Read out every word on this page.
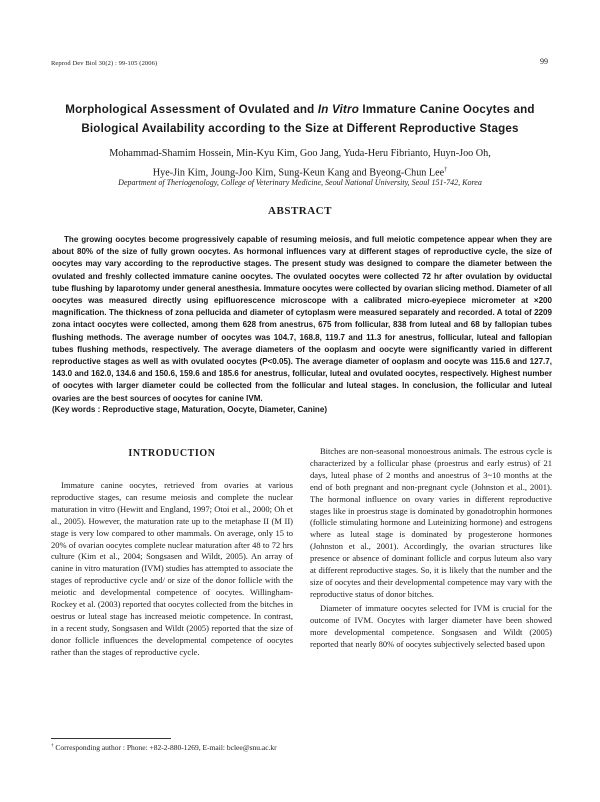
Reprod Dev Biol 30(2) : 99-105 (2006)	99
Morphological Assessment of Ovulated and In Vitro Immature Canine Oocytes and Biological Availability according to the Size at Different Reproductive Stages
Mohammad-Shamim Hossein, Min-Kyu Kim, Goo Jang, Yuda-Heru Fibrianto, Huyn-Joo Oh,
Hye-Jin Kim, Joung-Joo Kim, Sung-Keun Kang and Byeong-Chun Lee†
Department of Theriogenology, College of Veterinary Medicine, Seoul National University, Seoul 151-742, Korea
ABSTRACT
The growing oocytes become progressively capable of resuming meiosis, and full meiotic competence appear when they are about 80% of the size of fully grown oocytes. As hormonal influences vary at different stages of reproductive cycle, the size of oocytes may vary according to the reproductive stages. The present study was designed to compare the diameter between the ovulated and freshly collected immature canine oocytes. The ovulated oocytes were collected 72 hr after ovulation by oviductal tube flushing by laparotomy under general anesthesia. Immature oocytes were collected by ovarian slicing method. Diameter of all oocytes was measured directly using epifluorescence microscope with a calibrated micro-eyepiece micrometer at ×200 magnification. The thickness of zona pellucida and diameter of cytoplasm were measured separately and recorded. A total of 2209 zona intact oocytes were collected, among them 628 from anestrus, 675 from follicular, 838 from luteal and 68 by fallopian tubes flushing methods. The average number of oocytes was 104.7, 168.8, 119.7 and 11.3 for anestrus, follicular, luteal and fallopian tubes flushing methods, respectively. The average diameters of the ooplasm and oocyte were significantly varied in different reproductive stages as well as with ovulated oocytes (P<0.05). The average diameter of ooplasm and oocyte was 115.6 and 127.7, 143.0 and 162.0, 134.6 and 150.6, 159.6 and 185.6 for anestrus, follicular, luteal and ovulated oocytes, respectively. Highest number of oocytes with larger diameter could be collected from the follicular and luteal stages. In conclusion, the follicular and luteal ovaries are the best sources of oocytes for canine IVM.
(Key words : Reproductive stage, Maturation, Oocyte, Diameter, Canine)
INTRODUCTION
Immature canine oocytes, retrieved from ovaries at various reproductive stages, can resume meiosis and complete the nuclear maturation in vitro (Hewitt and England, 1997; Otoi et al., 2000; Oh et al., 2005). However, the maturation rate up to the metaphase II (M II) stage is very low compared to other mammals. On average, only 15 to 20% of ovarian oocytes complete nuclear maturation after 48 to 72 hrs culture (Kim et al., 2004; Songsasen and Wildt, 2005). An array of canine in vitro maturation (IVM) studies has attempted to associate the stages of reproductive cycle and/ or size of the donor follicle with the meiotic and developmental competence of oocytes. Willingham-Rockey et al. (2003) reported that oocytes collected from the bitches in oestrus or luteal stage has increased meiotic competence. In contrast, in a recent study, Songsasen and Wildt (2005) reported that the size of donor follicle influences the developmental competence of oocytes rather than the stages of reproductive cycle.

Bitches are non-seasonal monoestrous animals. The estrous cycle is characterized by a follicular phase (proestrus and early estrus) of 21 days, luteal phase of 2 months and anoestrus of 3~10 months at the end of both pregnant and non-pregnant cycle (Johnston et al., 2001). The hormonal influence on ovary varies in different reproductive stages like in proestrus stage is dominated by gonadotrophin hormones (follicle stimulating hormone and Luteinizing hormone) and estrogens where as luteal stage is dominated by progesterone hormones (Johnston et al., 2001). Accordingly, the ovarian structures like presence or absence of dominant follicle and corpus luteum also vary at different reproductive stages. So, it is likely that the number and the size of oocytes and their developmental competence may vary with the reproductive status of donor bitches.

Diameter of immature oocytes selected for IVM is crucial for the outcome of IVM. Oocytes with larger diameter have been showed more developmental competence. Songsasen and Wildt (2005) reported that nearly 80% of oocytes subjectively selected based upon

† Corresponding author : Phone: +82-2-880-1269, E-mail: bclee@snu.ac.kr
